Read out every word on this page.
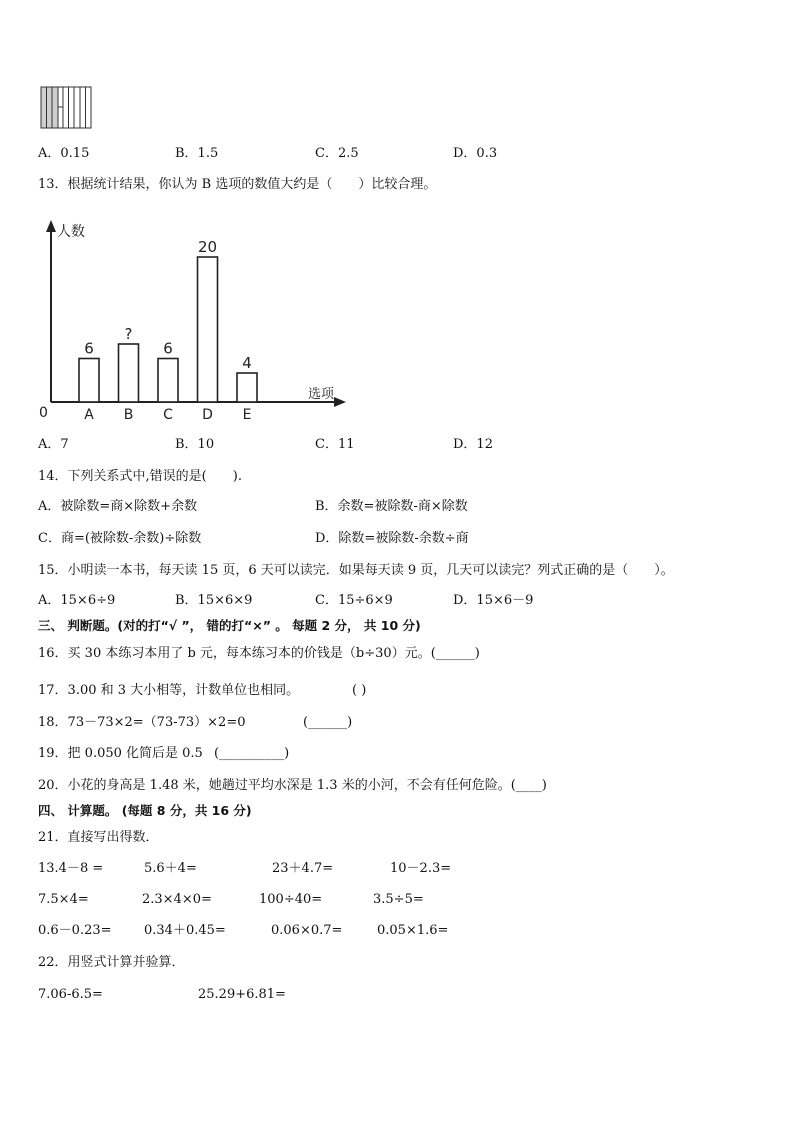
A．0.15	B．1.5	C．2.5	D．0.3
13．根据统计结果，你认为 B 选项的数值大约是（　　）比较合理。
人数
选项
0
6
A
?
B
6
C
20
D
4
E
A．7	B．10	C．11	D．12
14．下列关系式中,错误的是(　　).
A．被除数=商×除数+余数	B．余数=被除数-商×除数
C．商=(被除数-余数)÷除数	D．除数=被除数-余数÷商
15．小明读一本书，每天读 15 页，6 天可以读完．如果每天读 9 页，几天可以读完？列式正确的是（　　）。
A．15×6÷9	B．15×6×9	C．15÷6×9	D．15×6－9
三、 判断题。(对的打“√ ”， 错的打“×” 。 每题 2 分， 共 10 分)
16．买 30 本练习本用了 b 元，每本练习本的价钱是（b÷30）元。(______)
17．3.00 和 3 大小相等，计数单位也相同。	( )
18．73－73×2=（73-73）×2=0	(______)
19．把 0.050 化简后是 0.5 (__________)
20．小花的身高是 1.48 米，她趟过平均水深是 1.3 米的小河，不会有任何危险。(____)
四、 计算题。 (每题 8 分，共 16 分)
21．直接写出得数．
13.4－8 =	5.6＋4=	23＋4.7=	10－2.3=
7.5×4=	2.3×4×0=	100÷40=	3.5÷5=
0.6－0.23= 0.34＋0.45=	0.06×0.7=	0.05×1.6=
22．用竖式计算并验算．
7.06-6.5=	25.29+6.81=
